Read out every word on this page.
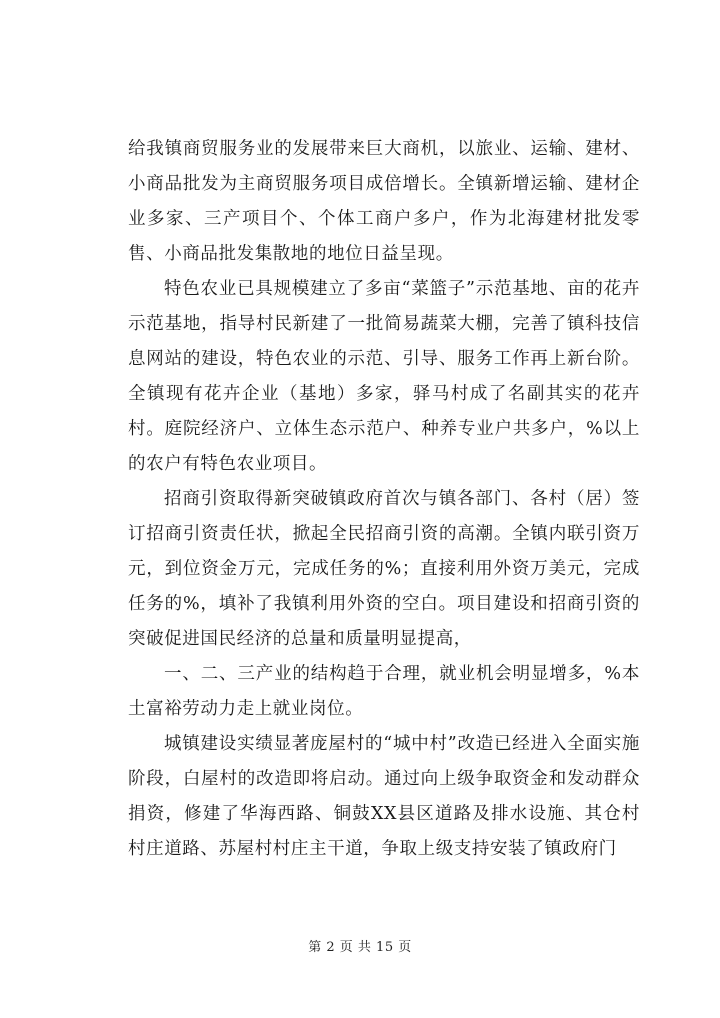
给我镇商贸服务业的发展带来巨大商机，以旅业、运输、建材、小商品批发为主商贸服务项目成倍增长。全镇新增运输、建材企业多家、三产项目个、个体工商户多户，作为北海建材批发零售、小商品批发集散地的地位日益呈现。

特色农业已具规模建立了多亩“菜篮子”示范基地、亩的花卉示范基地，指导村民新建了一批简易蔬菜大棚，完善了镇科技信息网站的建设，特色农业的示范、引导、服务工作再上新台阶。全镇现有花卉企业（基地）多家，驿马村成了名副其实的花卉村。庭院经济户、立体生态示范户、种养专业户共多户，%以上的农户有特色农业项目。

招商引资取得新突破镇政府首次与镇各部门、各村（居）签订招商引资责任状，掀起全民招商引资的高潮。全镇内联引资万元，到位资金万元，完成任务的%；直接利用外资万美元，完成任务的%，填补了我镇利用外资的空白。项目建设和招商引资的突破促进国民经济的总量和质量明显提高，

一、二、三产业的结构趋于合理，就业机会明显增多，%本土富裕劳动力走上就业岗位。

城镇建设实绩显著庞屋村的“城中村”改造已经进入全面实施阶段，白屋村的改造即将启动。通过向上级争取资金和发动群众捐资，修建了华海西路、铜鼓XX县区道路及排水设施、其仓村村庄道路、苏屋村村庄主干道，争取上级支持安装了镇政府门

第 2 页 共 15 页
